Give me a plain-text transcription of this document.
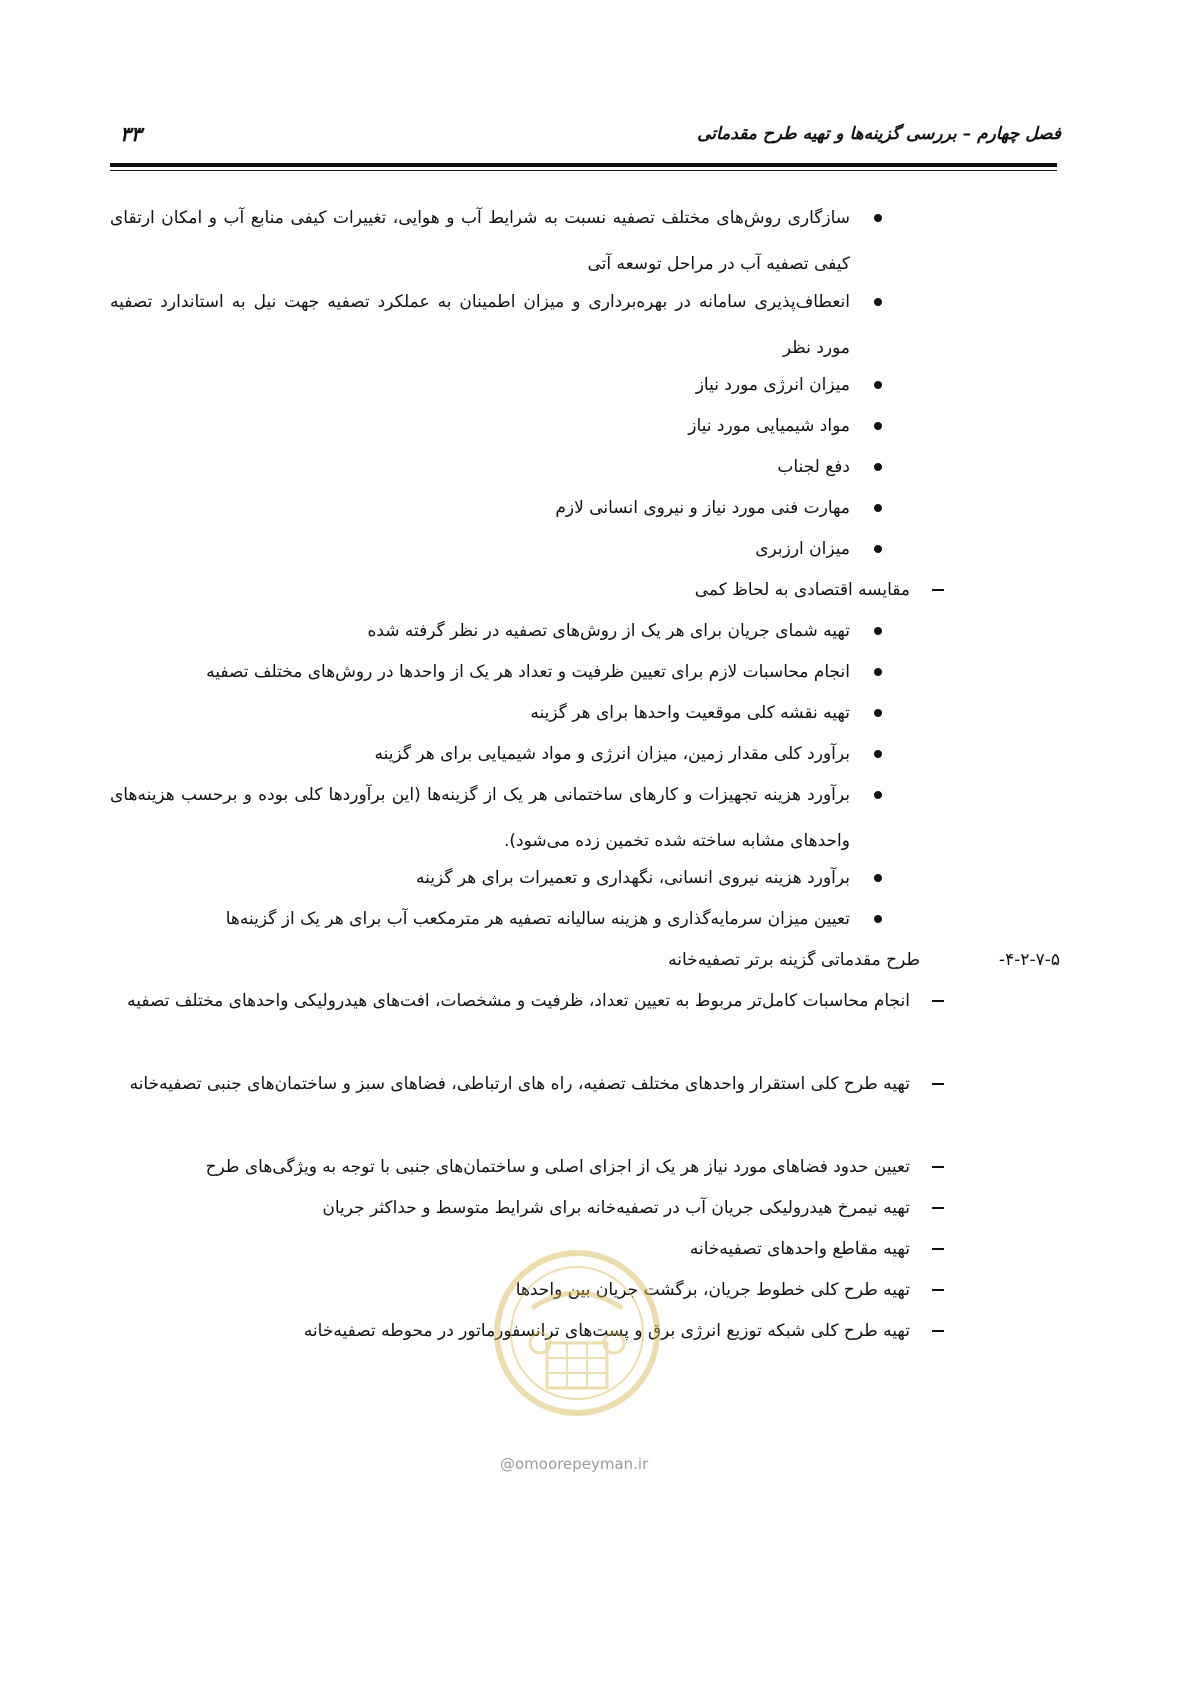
فصل چهارم – بررسی گزینه‌ها و تهیه طرح مقدماتی
۳۳
سازگاری روش‌های مختلف تصفیه نسبت به شرایط آب و هوایی، تغییرات کیفی منابع آب و امکان ارتقای کیفی تصفیه آب در مراحل توسعه آتی
انعطاف‌پذیری سامانه در بهره‌برداری و میزان اطمینان به عملکرد تصفیه جهت نیل به استاندارد تصفیه مورد نظر
میزان انرژی مورد نیاز
مواد شیمیایی مورد نیاز
دفع لجناب
مهارت فنی مورد نیاز و نیروی انسانی لازم
میزان ارزبری
مقایسه اقتصادی به لحاظ کمی
تهیه شمای جریان برای هر یک از روش‌های تصفیه در نظر گرفته شده
انجام محاسبات لازم برای تعیین ظرفیت و تعداد هر یک از واحدها در روش‌های مختلف تصفیه
تهیه نقشه کلی موقعیت واحدها برای هر گزینه
برآورد کلی مقدار زمین، میزان انرژی و مواد شیمیایی برای هر گزینه
برآورد هزینه تجهیزات و کارهای ساختمانی هر یک از گزینه‌ها (این برآوردها کلی بوده و برحسب هزینه‌های واحدهای مشابه ساخته شده تخمین زده می‌شود).
برآورد هزینه نیروی انسانی، نگهداری و تعمیرات برای هر گزینه
تعیین میزان سرمایه‌گذاری و هزینه سالیانه تصفیه هر مترمکعب آب برای هر یک از گزینه‌ها
۴-۲-۷-۵-
طرح مقدماتی گزینه برتر تصفیه‌خانه
انجام محاسبات کامل‌تر مربوط به تعیین تعداد، ظرفیت و مشخصات، افت‌های هیدرولیکی واحدهای مختلف تصفیه
تهیه طرح کلی استقرار واحدهای مختلف تصفیه، راه های ارتباطی، فضاهای سبز و ساختمان‌های جنبی تصفیه‌خانه
تعیین حدود فضاهای مورد نیاز هر یک از اجزای اصلی و ساختمان‌های جنبی با توجه به ویژگی‌های طرح
تهیه نیمرخ هیدرولیکی جریان آب در تصفیه‌خانه برای شرایط متوسط و حداکثر جریان
تهیه مقاطع واحدهای تصفیه‌خانه
تهیه طرح کلی خطوط جریان، برگشت جریان بین واحدها
تهیه طرح کلی شبکه توزیع انرژی برق و پست‌های ترانسفورماتور در محوطه تصفیه‌خانه
@omoorepeyman.ir
